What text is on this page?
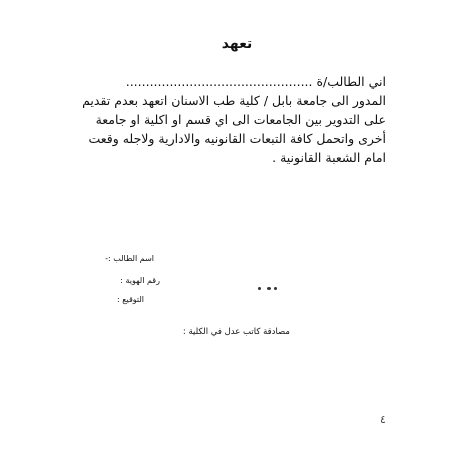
تعهد
اني الطالب/ة ...............................................
المدور الى جامعة بابل / كلية طب الاسنان اتعهد بعدم تقديم
على التدوير بين الجامعات الى اي قسم او اكلية او جامعة
أخرى واتحمل كافة التبعات القانونيه والادارية ولاجله وقعت
امام الشعبة القانونية .
اسم الطالب :-
رقم الهوية :
التوقيع :
مصادقة كاتب عدل في الكلية :
٤
